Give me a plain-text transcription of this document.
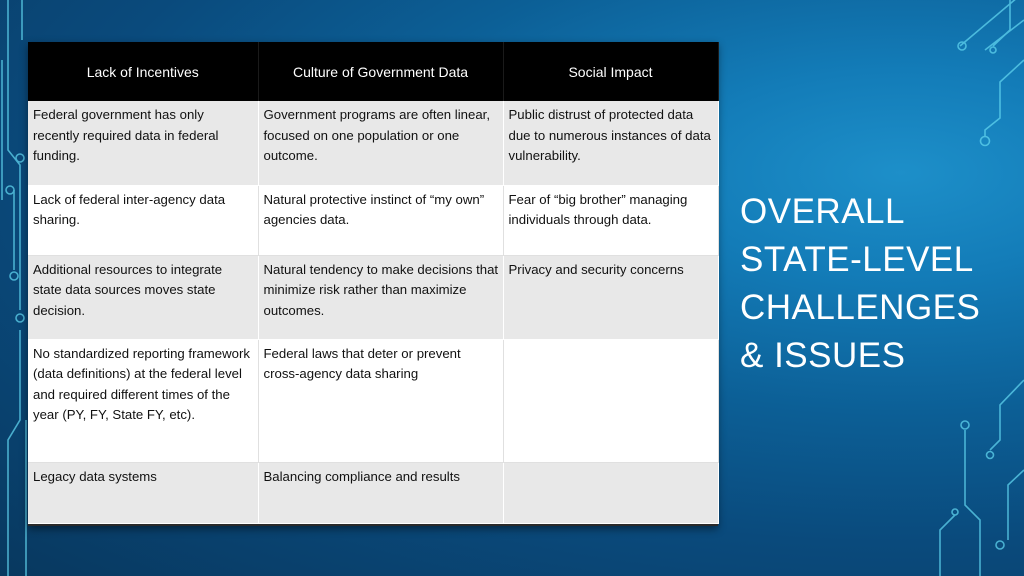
Lack of Incentives	Culture of Government Data	Social Impact
Federal government has only recently required data in federal funding.	Government programs are often linear, focused on one population or one outcome.	Public distrust of protected data due to numerous instances of data vulnerability.
Lack of federal inter-agency data sharing.	Natural protective instinct of “my own” agencies data.	Fear of “big brother” managing individuals through data.
Additional resources to integrate state data sources moves state decision.	Natural tendency to make decisions that minimize risk rather than maximize outcomes.	Privacy and security concerns
No standardized reporting framework (data definitions) at the federal level and required different times of the year (PY, FY, State FY, etc).	Federal laws that deter or prevent cross-agency data sharing	
Legacy data systems	Balancing compliance and results	
OVERALL
STATE-LEVEL
CHALLENGES
& ISSUES
